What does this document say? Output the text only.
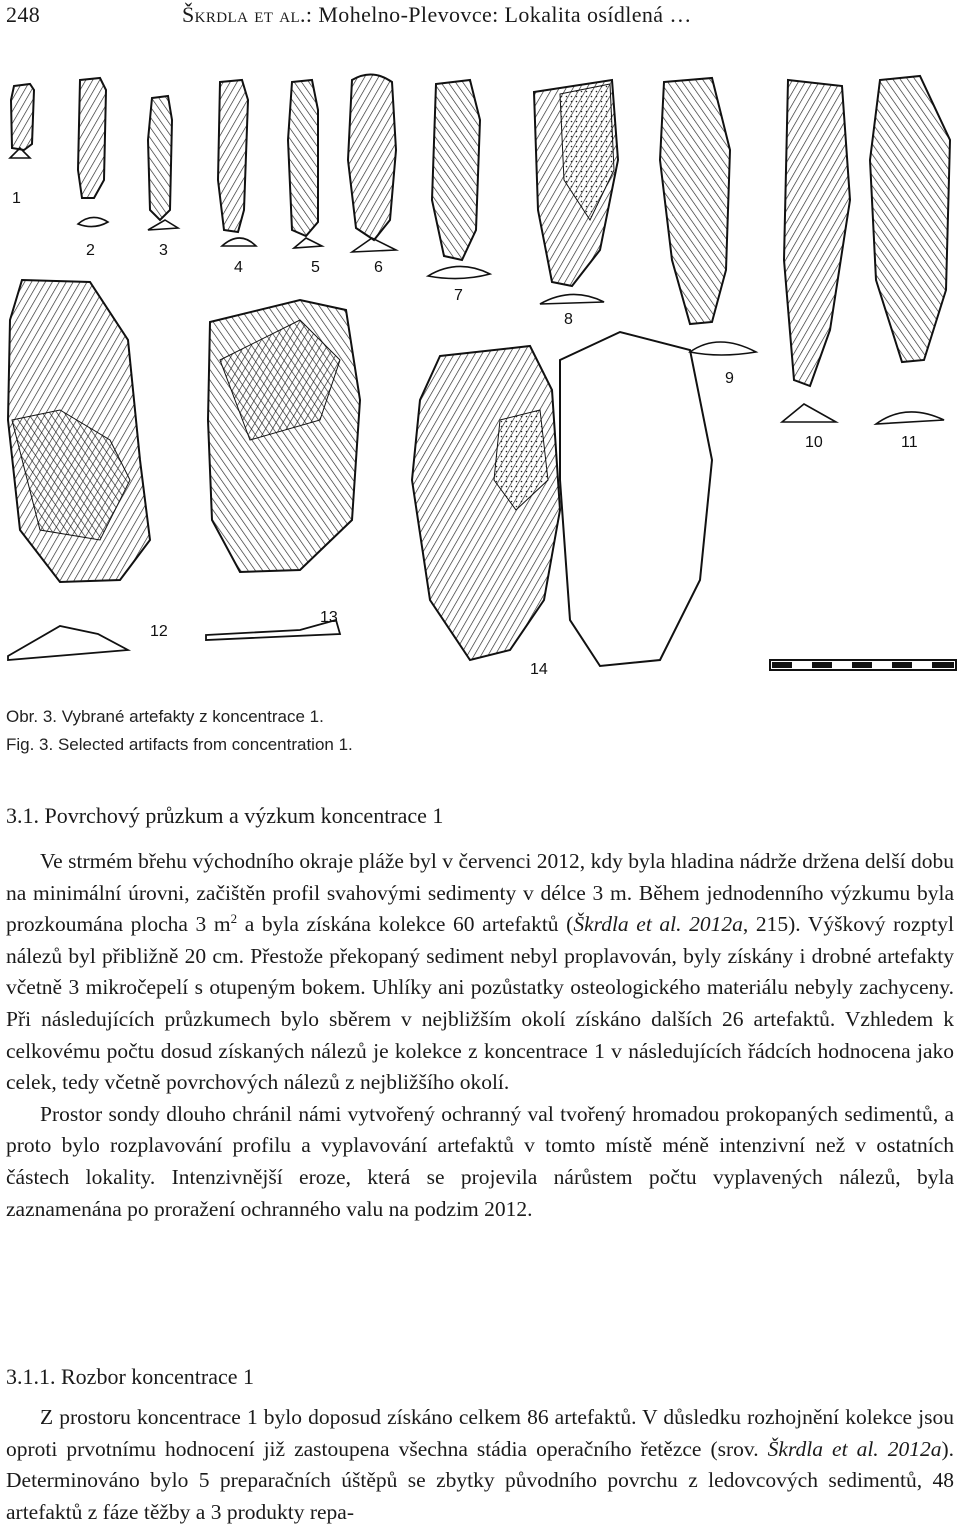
248	Škrdla et al.: Mohelno-Plevovce: Lokalita osídlená …
1
2	3
4	5	6
7
8
9
10	11
12
13
14
Obr. 3. Vybrané artefakty z koncentrace 1.
Fig. 3. Selected artifacts from concentration 1.
3.1. Povrchový průzkum a výzkum koncentrace 1

Ve strmém břehu východního okraje pláže byl v červenci 2012, kdy byla hladina nádrže držena delší dobu na minimální úrovni, začištěn profil svahovými sedimenty v délce 3 m. Během jednodenního výzkumu byla prozkoumána plocha 3 $m^2$ a byla získána kolekce 60 artefaktů (Škrdla et al. 2012a, 215). Výškový rozptyl nálezů byl přibližně 20 cm. Přestože překopaný sediment nebyl proplavován, byly získány i drobné artefakty včetně 3 mikročepelí s otupeným bokem. Uhlíky ani pozůstatky osteologického materiálu nebyly zachyceny. Při následujících průzkumech bylo sběrem v nejbližším okolí získáno dalších 26 artefaktů. Vzhledem k celkovému počtu dosud získaných nálezů je kolekce z koncentrace 1 v následujících řádcích hodnocena jako celek, tedy včetně povrchových nálezů z nejbližšího okolí.

Prostor sondy dlouho chránil námi vytvořený ochranný val tvořený hromadou prokopaných sedimentů, a proto bylo rozplavování profilu a vyplavování artefaktů v tomto místě méně intenzivní než v ostatních částech lokality. Intenzivnější eroze, která se projevila nárůstem počtu vyplavených nálezů, byla zaznamenána po proražení ochranného valu na podzim 2012.

3.1.1. Rozbor koncentrace 1

Z prostoru koncentrace 1 bylo doposud získáno celkem 86 artefaktů. V důsledku rozhojnění kolekce jsou oproti prvotnímu hodnocení již zastoupena všechna stádia operačního řetězce (srov. Škrdla et al. 2012a). Determinováno bylo 5 preparačních úštěpů se zbytky původního povrchu z ledovcových sedimentů, 48 artefaktů z fáze těžby a 3 produkty repa-
